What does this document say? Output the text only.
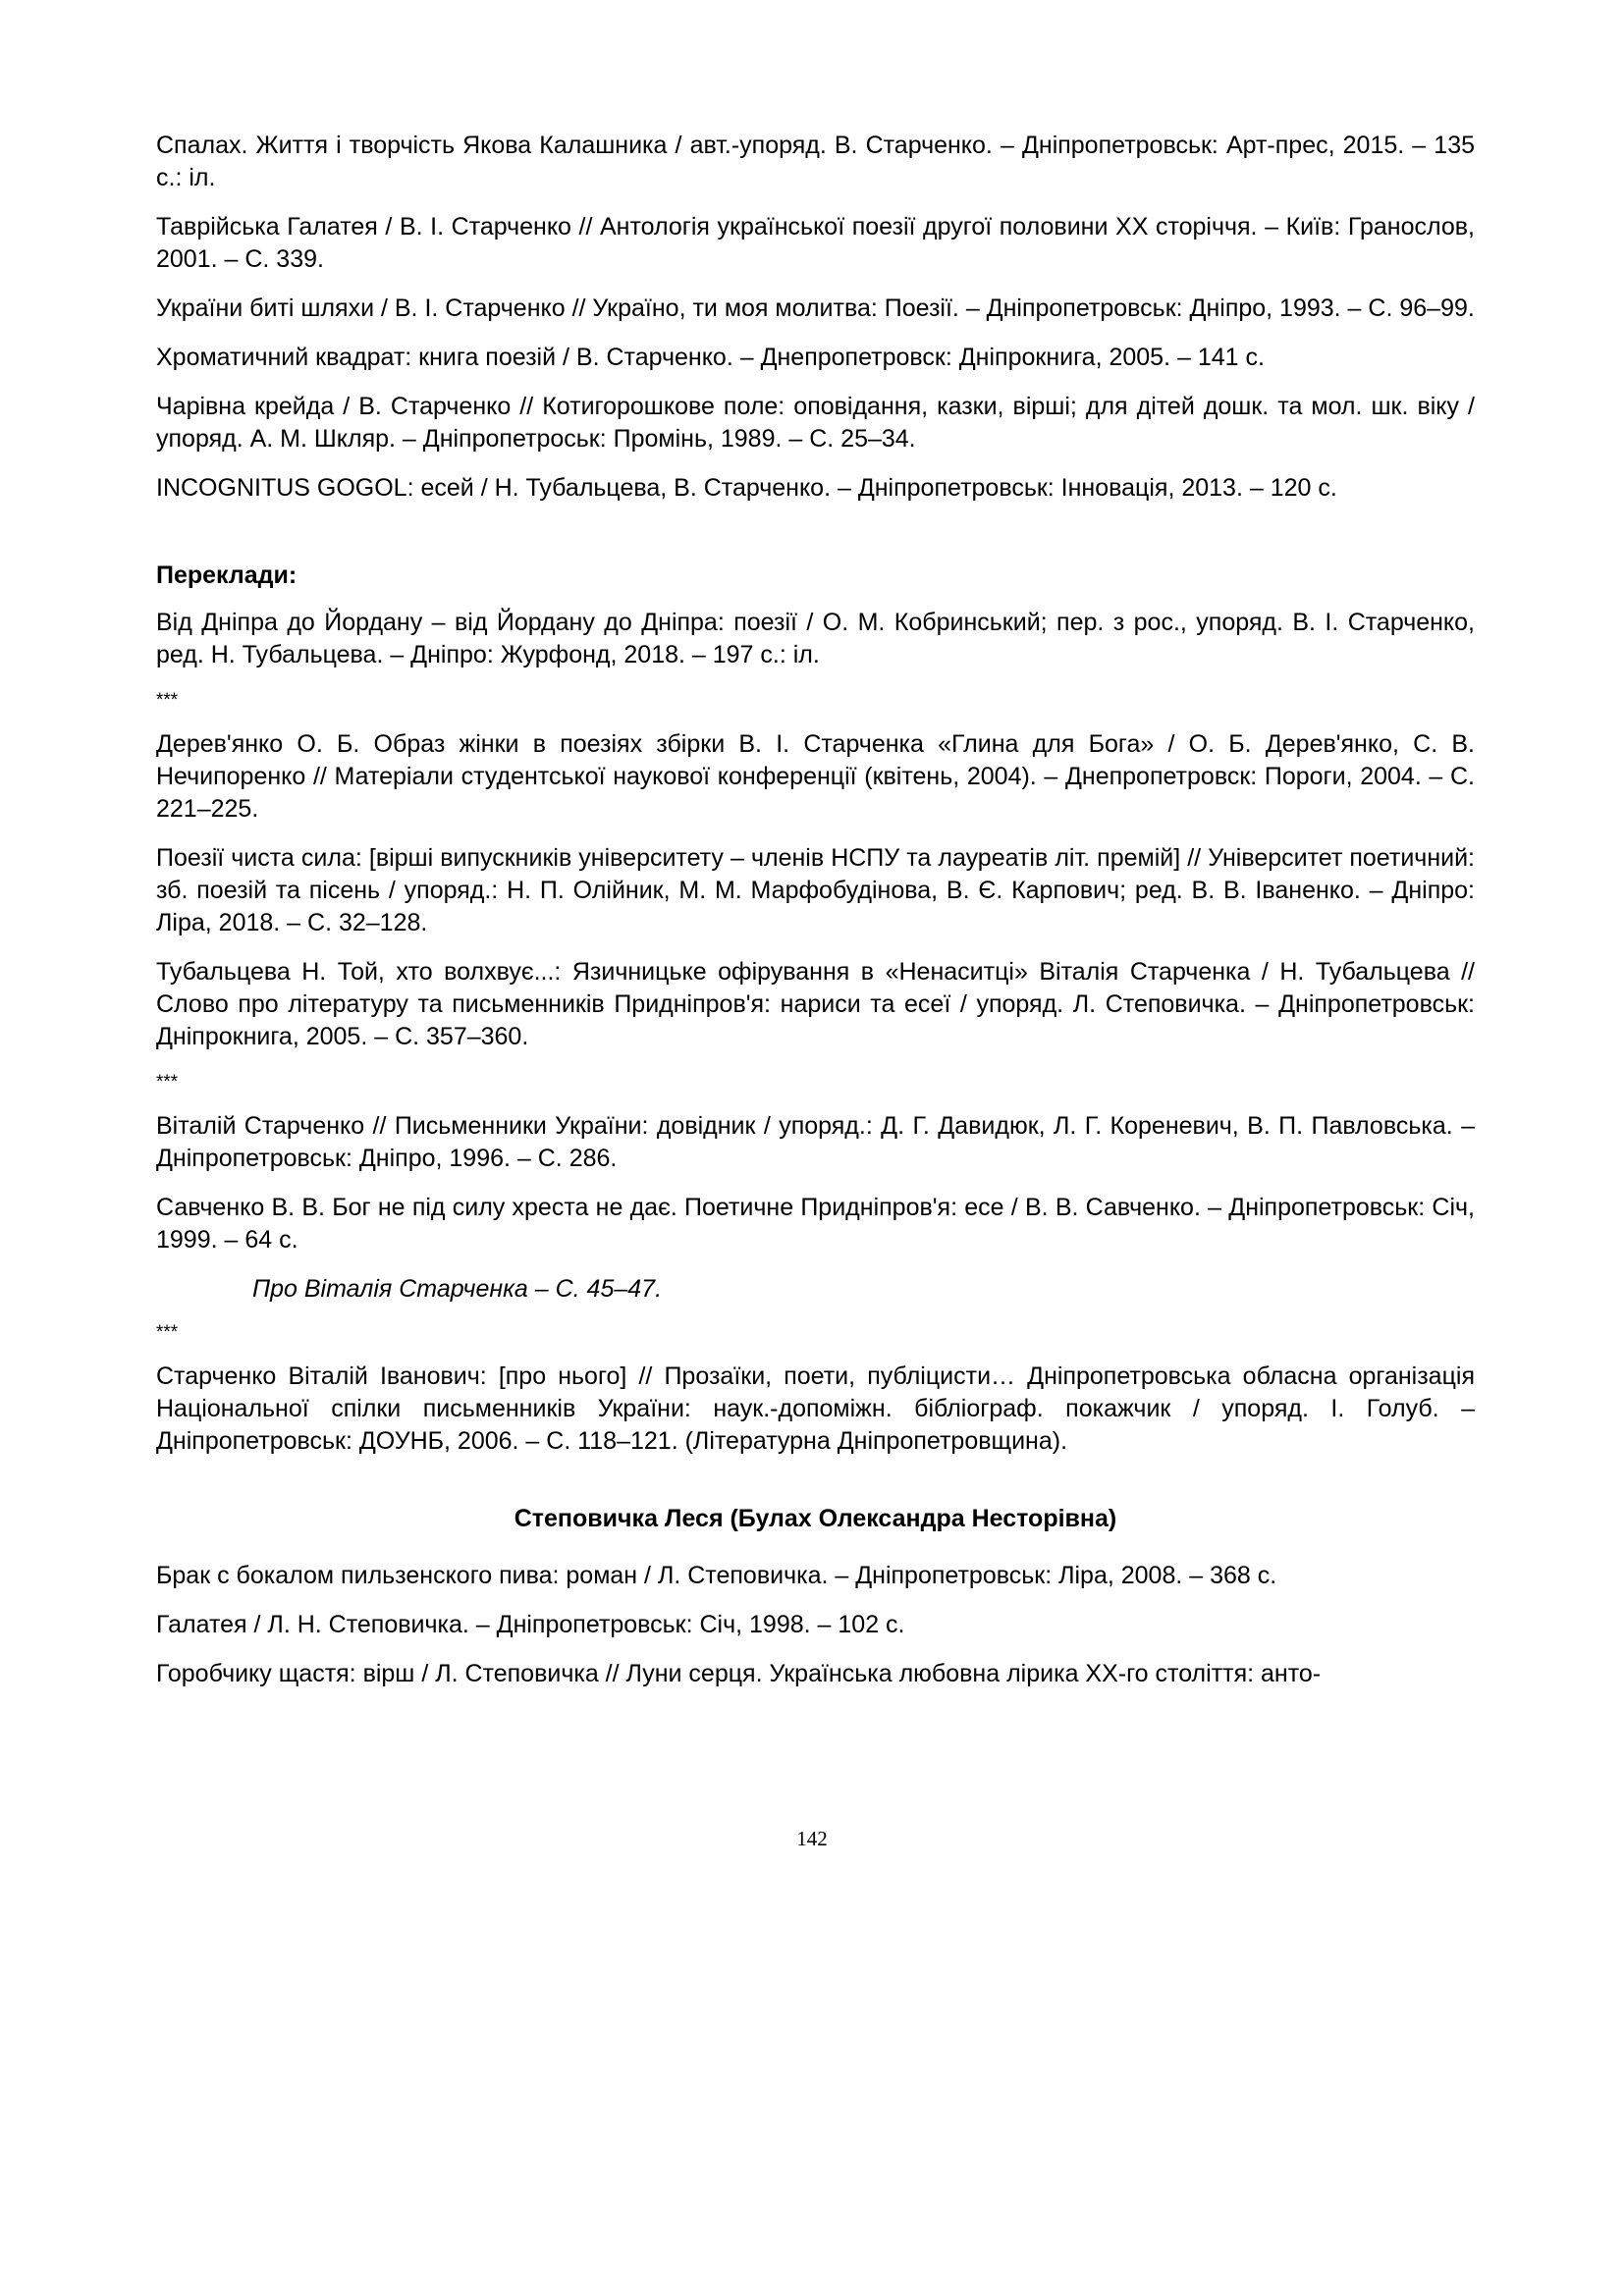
Спалах. Життя і творчість Якова Калашника / авт.-упоряд. В. Старченко. – Дніпропетровськ: Арт-прес, 2015. – 135 с.: іл.

Таврійська Галатея / В. І. Старченко // Антологія української поезії другої половини ХХ сторіччя. – Київ: Гранослов, 2001. – С. 339.

України биті шляхи / В. І. Старченко // Україно, ти моя молитва: Поезії. – Дніпропетровськ: Дніпро, 1993. – С. 96–99.

Хроматичний квадрат: книга поезій / В. Старченко. – Днепропетровск: Дніпрокнига, 2005. – 141 с.

Чарівна крейда / В. Старченко // Котигорошкове поле: оповідання, казки, вірші; для дітей дошк. та мол. шк. віку / упоряд. А. М. Шкляр. – Дніпропетроськ: Промінь, 1989. – С. 25–34.

INCOGNITUS GOGOL: есей / Н. Тубальцева, В. Старченко. – Дніпропетровськ: Інновація, 2013. – 120 с.

Переклади:

Від Дніпра до Йордану – від Йордану до Дніпра: поезії / О. М. Кобринський; пер. з рос., упоряд. В. І. Старченко, ред. Н. Тубальцева. – Дніпро: Журфонд, 2018. – 197 с.: іл.

***

Дерев'янко О. Б. Образ жінки в поезіях збірки В. І. Старченка «Глина для Бога» / О. Б. Дерев'янко, С. В. Нечипоренко // Матеріали студентської наукової конференції (квітень, 2004). – Днепропетровск: Пороги, 2004. – С. 221–225.

Поезії чиста сила: [вірші випускників університету – членів НСПУ та лауреатів літ. премій] // Університет поетичний: зб. поезій та пісень / упоряд.: Н. П. Олійник, М. М. Марфобудінова, В. Є. Карпович; ред. В. В. Іваненко. – Дніпро: Ліра, 2018. – С. 32–128.

Тубальцева Н. Той, хто волхвує...: Язичницьке офірування в «Ненаситці» Віталія Старченка / Н. Тубальцева // Слово про літературу та письменників Придніпров'я: нариси та есеї / упоряд. Л. Степовичка. – Дніпропетровськ: Дніпрокнига, 2005. – С. 357–360.

***

Віталій Старченко // Письменники України: довідник / упоряд.: Д. Г. Давидюк, Л. Г. Кореневич, В. П. Павловська. – Дніпропетровськ: Дніпро, 1996. – С. 286.

Савченко В. В. Бог не під силу хреста не дає. Поетичне Придніпров'я: есе / В. В. Савченко. – Дніпропетровськ: Січ, 1999. – 64 с.

Про Віталія Старченка – С. 45–47.

***

Старченко Віталій Іванович: [про нього] // Прозаїки, поети, публіцисти… Дніпропетровська обласна організація Національної спілки письменників України: наук.-допоміжн. бібліограф. покажчик / упоряд. І. Голуб. – Дніпропетровськ: ДОУНБ, 2006. – С. 118–121. (Літературна Дніпропетровщина).

Степовичка Леся (Булах Олександра Несторівна)

Брак с бокалом пильзенского пива: роман / Л. Степовичка. – Дніпропетровськ: Ліра, 2008. – 368 с.

Галатея / Л. Н. Степовичка. – Дніпропетровськ: Січ, 1998. – 102 с.

Горобчику щастя: вірш / Л. Степовичка // Луни серця. Українська любовна лірика ХХ-го століття: анто-

142
